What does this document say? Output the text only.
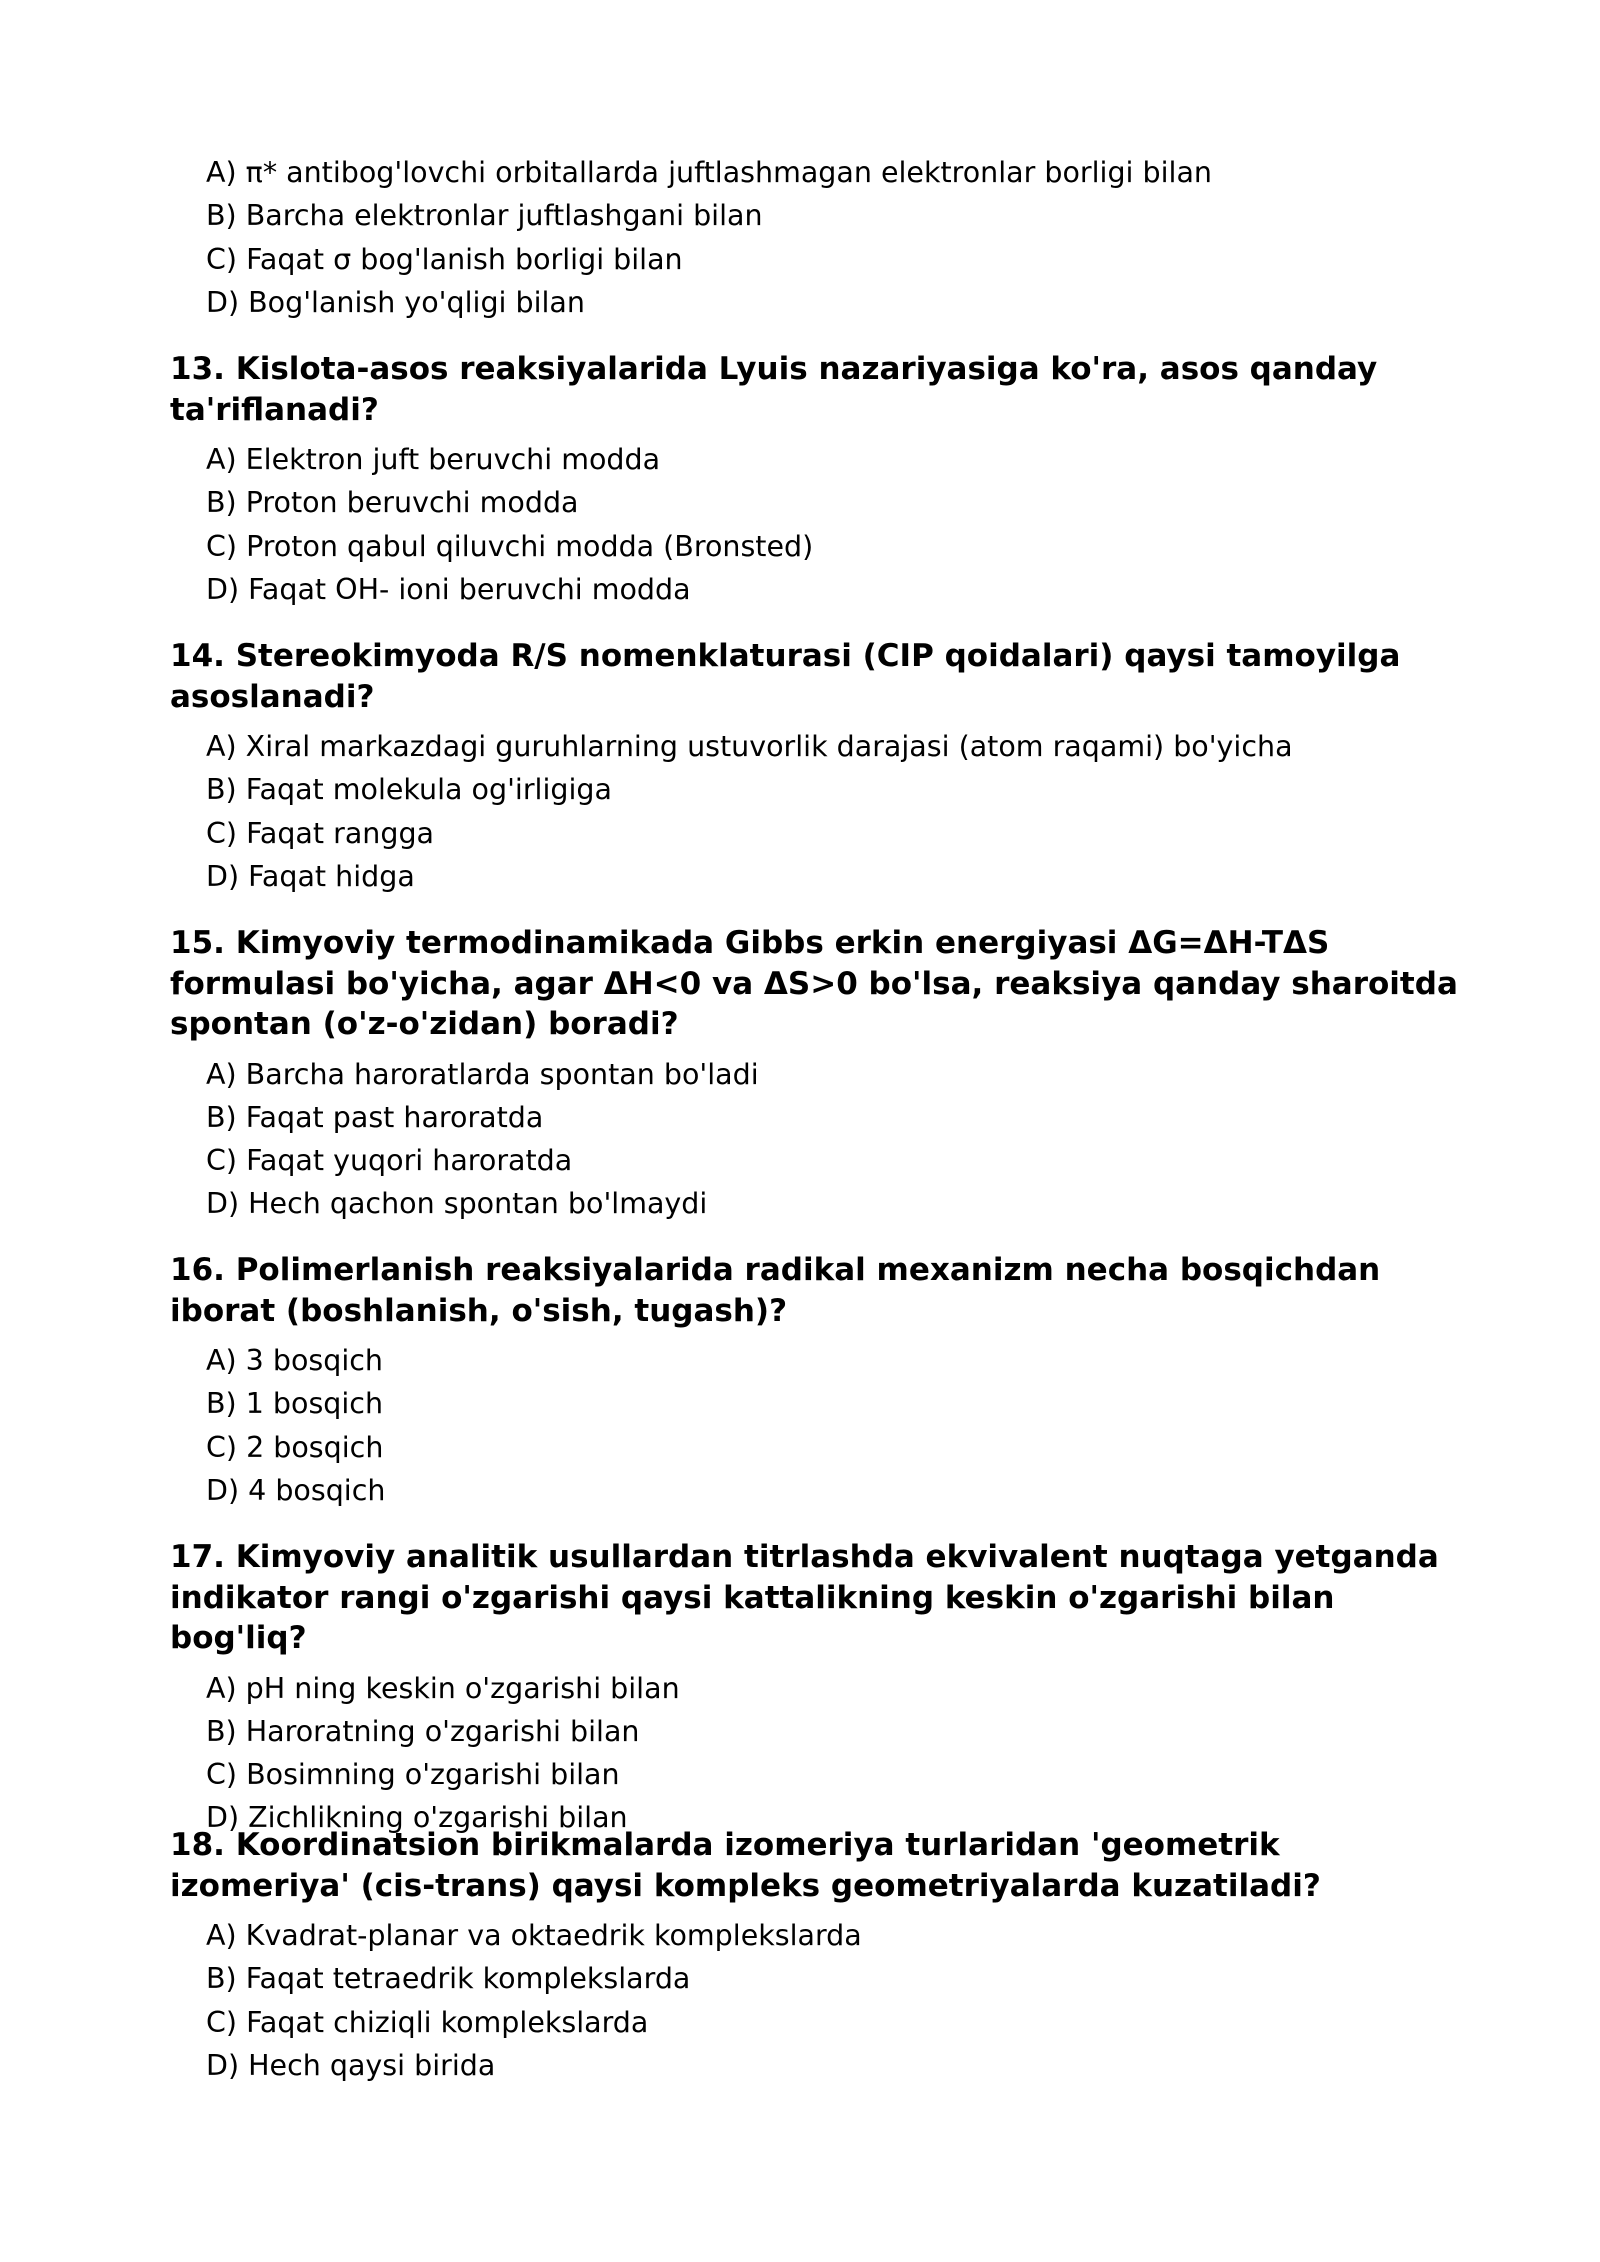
A) π* antibog'lovchi orbitallarda juftlashmagan elektronlar borligi bilan
B) Barcha elektronlar juftlashgani bilan
C) Faqat σ bog'lanish borligi bilan
D) Bog'lanish yo'qligi bilan

13. Kislota-asos reaksiyalarida Lyuis nazariyasiga ko'ra, asos qanday ta'riflanadi?

A) Elektron juft beruvchi modda
B) Proton beruvchi modda
C) Proton qabul qiluvchi modda (Bronsted)
D) Faqat OH- ioni beruvchi modda

14. Stereokimyoda R/S nomenklaturasi (CIP qoidalari) qaysi tamoyilga asoslanadi?

A) Xiral markazdagi guruhlarning ustuvorlik darajasi (atom raqami) bo'yicha
B) Faqat molekula og'irligiga
C) Faqat rangga
D) Faqat hidga

15. Kimyoviy termodinamikada Gibbs erkin energiyasi ΔG=ΔH-TΔS formulasi bo'yicha, agar ΔH<0 va ΔS>0 bo'lsa, reaksiya qanday sharoitda spontan (o'z-o'zidan) boradi?

A) Barcha haroratlarda spontan bo'ladi
B) Faqat past haroratda
C) Faqat yuqori haroratda
D) Hech qachon spontan bo'lmaydi

16. Polimerlanish reaksiyalarida radikal mexanizm necha bosqichdan iborat (boshlanish, o'sish, tugash)?

A) 3 bosqich
B) 1 bosqich
C) 2 bosqich
D) 4 bosqich

17. Kimyoviy analitik usullardan titrlashda ekvivalent nuqtaga yetganda indikator rangi o'zgarishi qaysi kattalikning keskin o'zgarishi bilan bog'liq?

A) pH ning keskin o'zgarishi bilan
B) Haroratning o'zgarishi bilan
C) Bosimning o'zgarishi bilan
D) Zichlikning o'zgarishi bilan

18. Koordinatsion birikmalarda izomeriya turlaridan 'geometrik izomeriya' (cis-trans) qaysi kompleks geometriyalarda kuzatiladi?

A) Kvadrat-planar va oktaedrik komplekslarda
B) Faqat tetraedrik komplekslarda
C) Faqat chiziqli komplekslarda
D) Hech qaysi birida
